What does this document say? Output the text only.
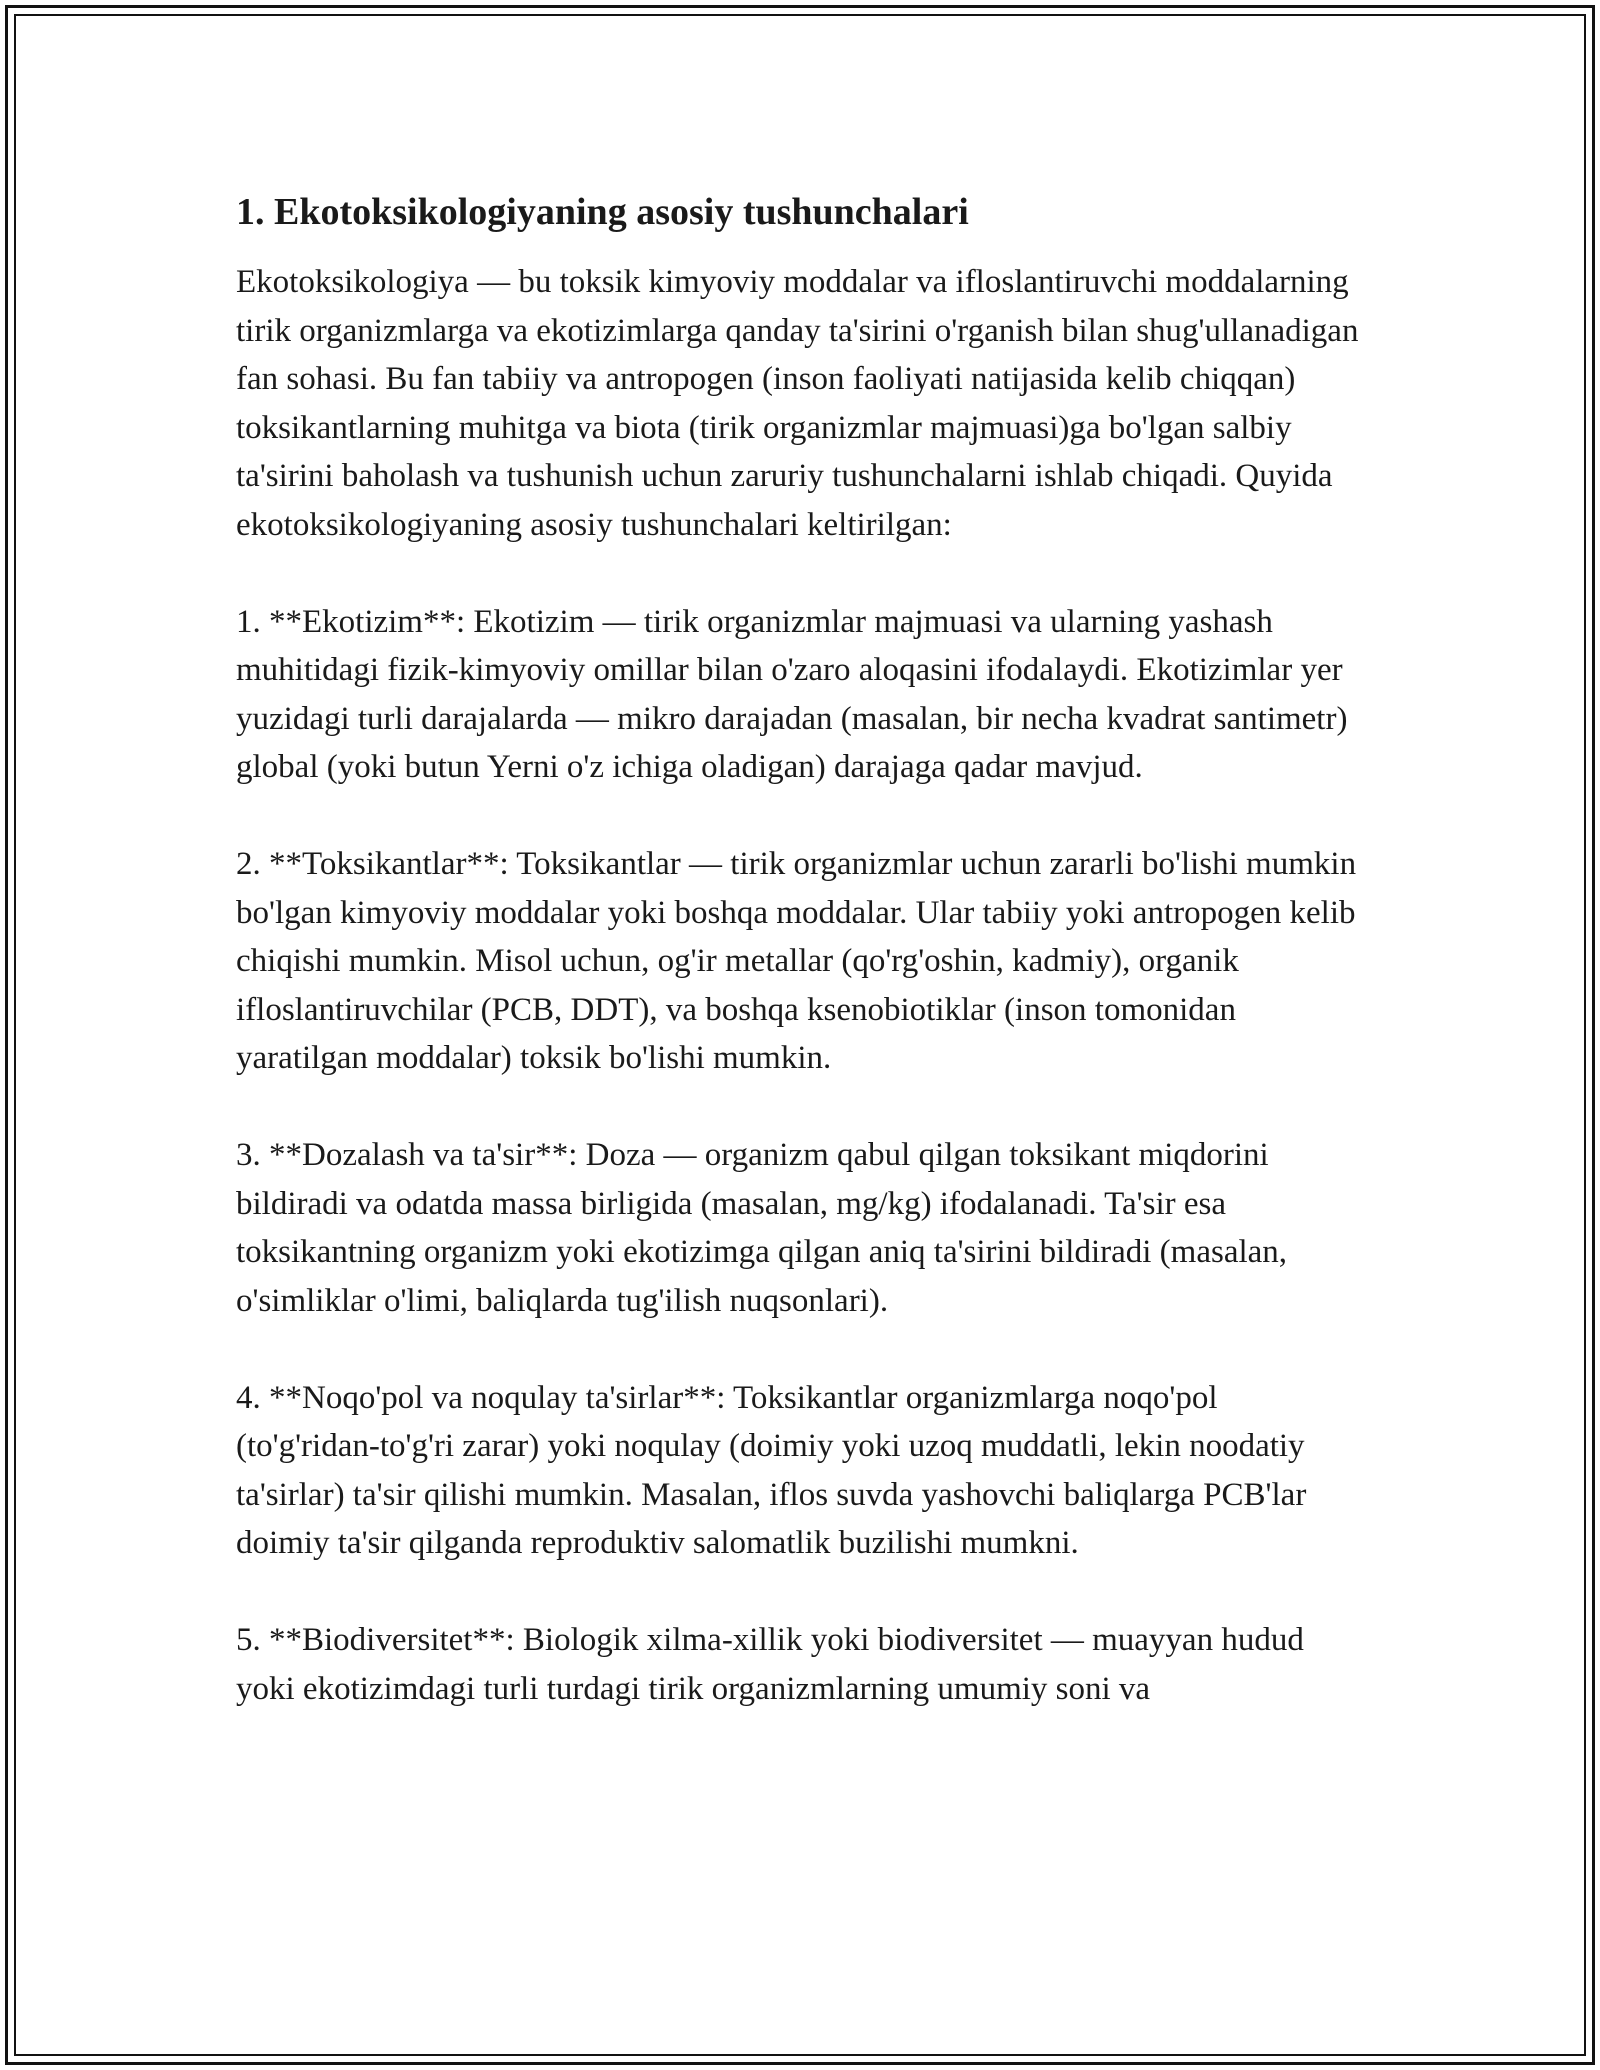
1. Ekotoksikologiyaning asosiy tushunchalari
Ekotoksikologiya — bu toksik kimyoviy moddalar va ifloslantiruvchi moddalarning tirik organizmlarga va ekotizimlarga qanday ta'sirini o'rganish bilan shug'ullanadigan fan sohasi. Bu fan tabiiy va antropogen (inson faoliyati natijasida kelib chiqqan) toksikantlarning muhitga va biota (tirik organizmlar majmuasi)ga bo'lgan salbiy ta'sirini baholash va tushunish uchun zaruriy tushunchalarni ishlab chiqadi. Quyida ekotoksikologiyaning asosiy tushunchalari keltirilgan:
1. **Ekotizim**: Ekotizim — tirik organizmlar majmuasi va ularning yashash muhitidagi fizik-kimyoviy omillar bilan o'zaro aloqasini ifodalaydi. Ekotizimlar yer yuzidagi turli darajalarda — mikro darajadan (masalan, bir necha kvadrat santimetr) global (yoki butun Yerni o'z ichiga oladigan) darajaga qadar mavjud.
2. **Toksikantlar**: Toksikantlar — tirik organizmlar uchun zararli bo'lishi mumkin bo'lgan kimyoviy moddalar yoki boshqa moddalar. Ular tabiiy yoki antropogen kelib chiqishi mumkin. Misol uchun, og'ir metallar (qo'rg'oshin, kadmiy), organik ifloslantiruvchilar (PCB, DDT), va boshqa ksenobiotiklar (inson tomonidan yaratilgan moddalar) toksik bo'lishi mumkin.
3. **Dozalash va ta'sir**: Doza — organizm qabul qilgan toksikant miqdorini bildiradi va odatda massa birligida (masalan, mg/kg) ifodalanadi. Ta'sir esa toksikantning organizm yoki ekotizimga qilgan aniq ta'sirini bildiradi (masalan, o'simliklar o'limi, baliqlarda tug'ilish nuqsonlari).
4. **Noqo'pol va noqulay ta'sirlar**: Toksikantlar organizmlarga noqo'pol (to'g'ridan-to'g'ri zarar) yoki noqulay (doimiy yoki uzoq muddatli, lekin noodatiy ta'sirlar) ta'sir qilishi mumkin. Masalan, iflos suvda yashovchi baliqlarga PCB'lar doimiy ta'sir qilganda reproduktiv salomatlik buzilishi mumkni.
5. **Biodiversitet**: Biologik xilma-xillik yoki biodiversitet — muayyan hudud yoki ekotizimdagi turli turdagi tirik organizmlarning umumiy soni va
